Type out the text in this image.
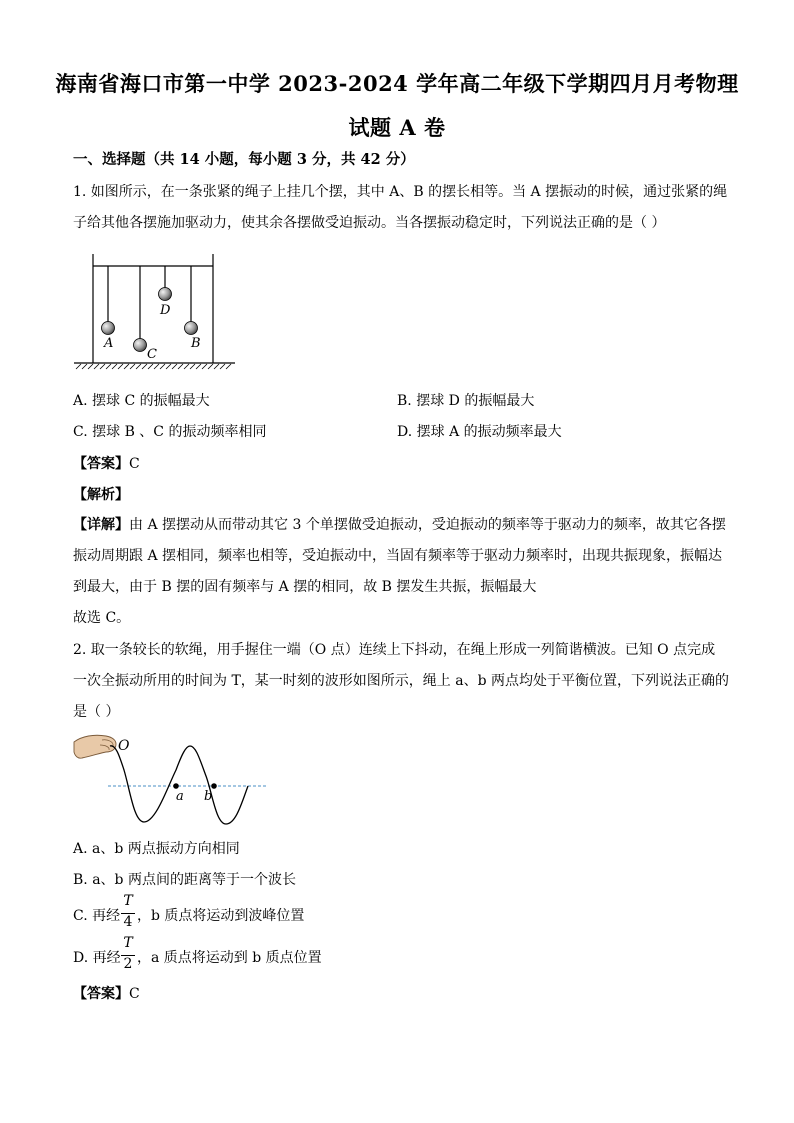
海南省海口市第一中学 2023-2024 学年高二年级下学期四月月考物理
试题 A 卷
一、选择题（共 14 小题，每小题 3 分，共 42 分）
1. 如图所示，在一条张紧的绳子上挂几个摆，其中 A、B 的摆长相等。当 A 摆振动的时候，通过张紧的绳
子给其他各摆施加驱动力，使其余各摆做受迫振动。当各摆振动稳定时，下列说法正确的是（ ）
A
C
D
B
A. 摆球 C 的振幅最大	B. 摆球 D 的振幅最大
C. 摆球 B 、C 的振动频率相同	D. 摆球 A 的振动频率最大
【答案】C
【解析】
【详解】由 A 摆摆动从而带动其它 3 个单摆做受迫振动，受迫振动的频率等于驱动力的频率，故其它各摆
振动周期跟 A 摆相同，频率也相等，受迫振动中，当固有频率等于驱动力频率时，出现共振现象，振幅达
到最大，由于 B 摆的固有频率与 A 摆的相同，故 B 摆发生共振，振幅最大
故选 C。
2. 取一条较长的软绳，用手握住一端（O 点）连续上下抖动，在绳上形成一列简谐横波。已知 O 点完成
一次全振动所用的时间为 T，某一时刻的波形如图所示，绳上 a、b 两点均处于平衡位置，下列说法正确的
是（ ）
O
a b
A. a、b 两点振动方向相同
B. a、b 两点间的距离等于一个波长
C. 再经
T
4 ，b 质点将运动到波峰位置
D. 再经
T
2 ，a 质点将运动到 b 质点位置
【答案】C
